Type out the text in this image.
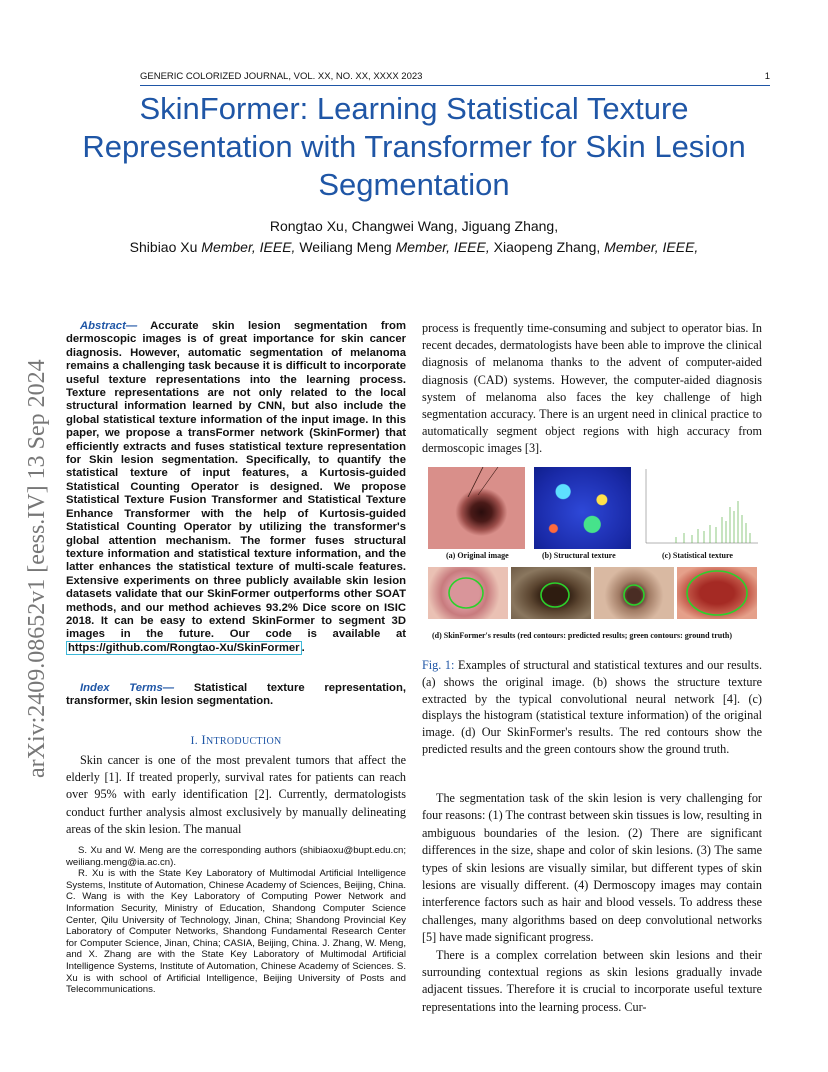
arXiv:2409.08652v1 [eess.IV] 13 Sep 2024
GENERIC COLORIZED JOURNAL, VOL. XX, NO. XX, XXXX 2023	1
SkinFormer: Learning Statistical Texture Representation with Transformer for Skin Lesion Segmentation
Rongtao Xu, Changwei Wang, Jiguang Zhang,
Shibiao Xu Member, IEEE, Weiliang Meng Member, IEEE, Xiaopeng Zhang, Member, IEEE,
Abstract— Accurate skin lesion segmentation from dermoscopic images is of great importance for skin cancer diagnosis. However, automatic segmentation of melanoma remains a challenging task because it is difficult to incorporate useful texture representations into the learning process. Texture representations are not only related to the local structural information learned by CNN, but also include the global statistical texture information of the input image. In this paper, we propose a transFormer network (SkinFormer) that efficiently extracts and fuses statistical texture representation for Skin lesion segmentation. Specifically, to quantify the statistical texture of input features, a Kurtosis-guided Statistical Counting Operator is designed. We propose Statistical Texture Fusion Transformer and Statistical Texture Enhance Transformer with the help of Kurtosis-guided Statistical Counting Operator by utilizing the transformer's global attention mechanism. The former fuses structural texture information and statistical texture information, and the latter enhances the statistical texture of multi-scale features. Extensive experiments on three publicly available skin lesion datasets validate that our SkinFormer outperforms other SOAT methods, and our method achieves 93.2% Dice score on ISIC 2018. It can be easy to extend SkinFormer to segment 3D images in the future. Our code is available at https://github.com/Rongtao-Xu/SkinFormer .
Index Terms— Statistical texture representation, transformer, skin lesion segmentation.
I. INTRODUCTION

Skin cancer is one of the most prevalent tumors that affect the elderly [1]. If treated properly, survival rates for patients can reach over 95% with early identification [2]. Currently, dermatologists conduct further analysis almost exclusively by manually delineating areas of the skin lesion. The manual

S. Xu and W. Meng are the corresponding authors (shibiaoxu@bupt.edu.cn; weiliang.meng@ia.ac.cn).

R. Xu is with the State Key Laboratory of Multimodal Artificial Intelligence Systems, Institute of Automation, Chinese Academy of Sciences, Beijing, China. C. Wang is with the Key Laboratory of Computing Power Network and Information Security, Ministry of Education, Shandong Computer Science Center, Qilu University of Technology, Jinan, China; Shandong Provincial Key Laboratory of Computer Networks, Shandong Fundamental Research Center for Computer Science, Jinan, China; CASIA, Beijing, China. J. Zhang, W. Meng, and X. Zhang are with the State Key Laboratory of Multimodal Artificial Intelligence Systems, Institute of Automation, Chinese Academy of Sciences. S. Xu is with school of Artificial Intelligence, Beijing University of Posts and Telecommunications.

process is frequently time-consuming and subject to operator bias. In recent decades, dermatologists have been able to improve the clinical diagnosis of melanoma thanks to the advent of computer-aided diagnosis (CAD) systems. However, the computer-aided diagnosis system of melanoma also faces the key challenge of high segmentation accuracy. There is an urgent need in clinical practice to automatically segment object regions with high accuracy from dermoscopic images [3].

(a) Original image	(b) Structural texture	(c) Statistical texture
(d) SkinFormer's results (red contours: predicted results; green contours: ground truth)

Fig. 1: Examples of structural and statistical textures and our results. (a) shows the original image. (b) shows the structure texture extracted by the typical convolutional neural network [4]. (c) displays the histogram (statistical texture information) of the original image. (d) Our SkinFormer's results. The red contours show the predicted results and the green contours show the ground truth.

The segmentation task of the skin lesion is very challenging for four reasons: (1) The contrast between skin tissues is low, resulting in ambiguous boundaries of the lesion. (2) There are significant differences in the size, shape and color of skin lesions. (3) The same types of skin lesions are visually similar, but different types of skin lesions are visually different. (4) Dermoscopy images may contain interference factors such as hair and blood vessels. To address these challenges, many algorithms based on deep convolutional networks [5] have made significant progress.

There is a complex correlation between skin lesions and their surrounding contextual regions as skin lesions gradually invade adjacent tissues. Therefore it is crucial to incorporate useful texture representations into the learning process. Cur-
